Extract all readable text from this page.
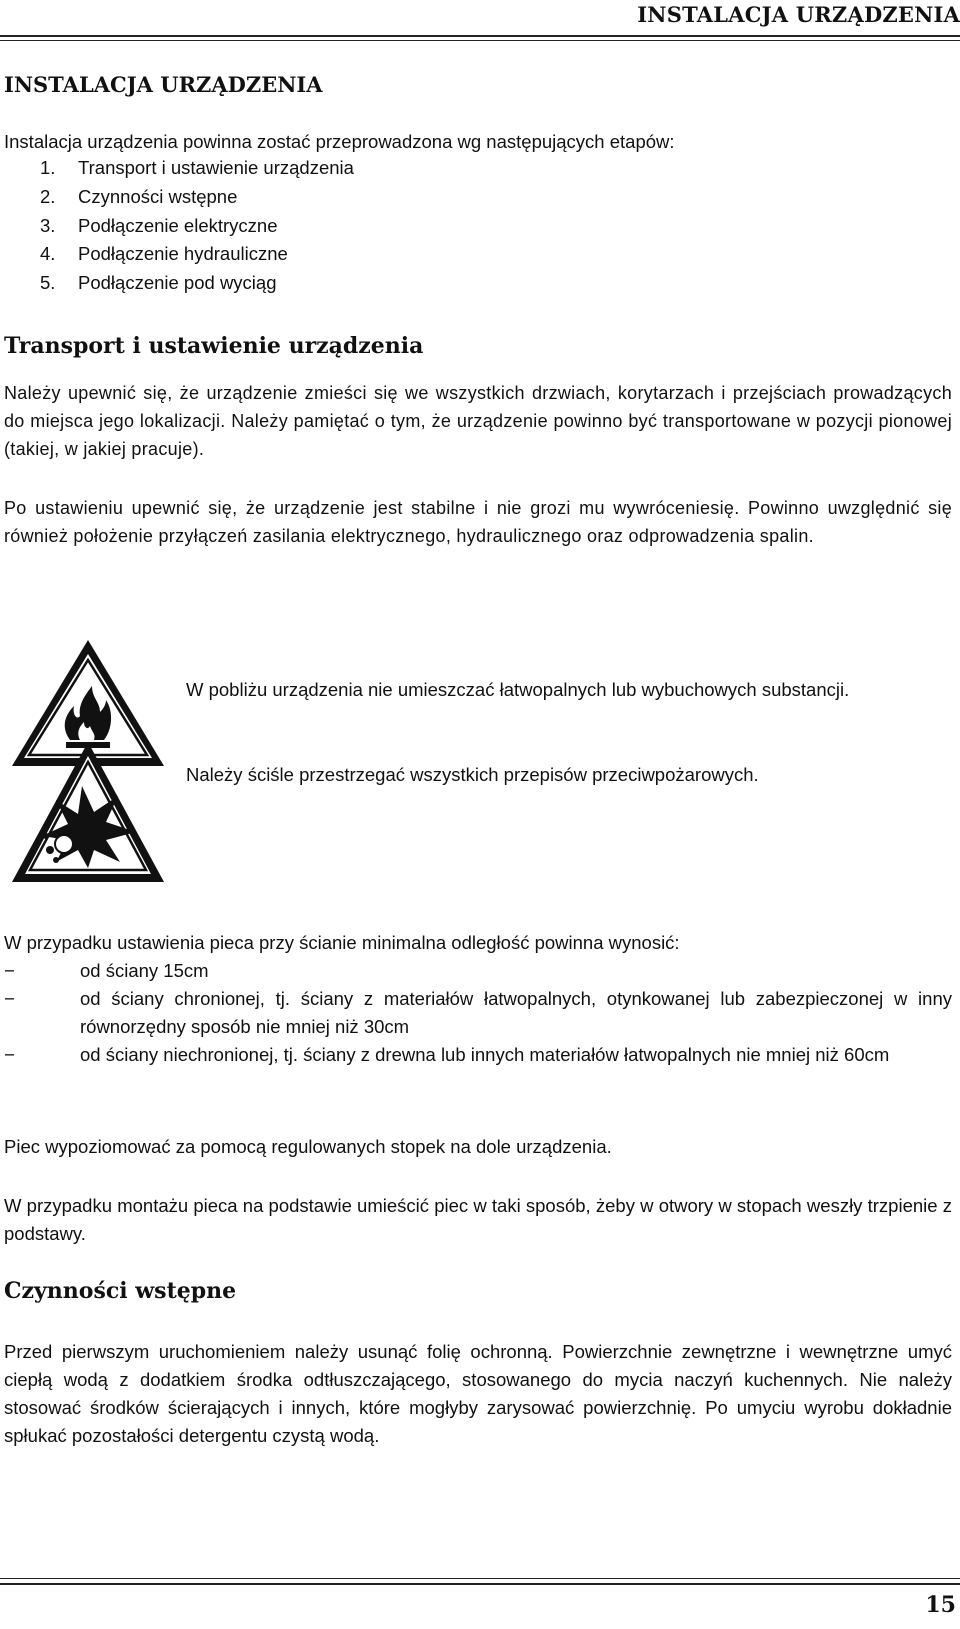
INSTALACJA URZĄDZENIA
INSTALACJA URZĄDZENIA
Instalacja urządzenia powinna zostać przeprowadzona wg następujących etapów:
1. Transport i ustawienie urządzenia
2. Czynności wstępne
3. Podłączenie elektryczne
4. Podłączenie hydrauliczne
5. Podłączenie pod wyciąg
Transport i ustawienie urządzenia
Należy upewnić się, że urządzenie zmieści się we wszystkich drzwiach, korytarzach i przejściach prowadzących do miejsca jego lokalizacji. Należy pamiętać o tym, że urządzenie powinno być transportowane w pozycji pionowej (takiej, w jakiej pracuje).
Po ustawieniu upewnić się, że urządzenie jest stabilne i nie grozi mu wywróceniesię. Powinno uwzględnić się również położenie przyłączeń zasilania elektrycznego, hydraulicznego oraz odprowadzenia spalin.
W pobliżu urządzenia nie umieszczać łatwopalnych lub wybuchowych substancji.
Należy ściśle przestrzegać wszystkich przepisów przeciwpożarowych.
W przypadku ustawienia pieca przy ścianie minimalna odległość powinna wynosić:
−	od ściany 15cm
−	od ściany chronionej, tj. ściany z materiałów łatwopalnych, otynkowanej lub zabezpieczonej w inny równorzędny sposób nie mniej niż 30cm
−	od ściany niechronionej, tj. ściany z drewna lub innych materiałów łatwopalnych nie mniej niż 60cm
Piec wypoziomować za pomocą regulowanych stopek na dole urządzenia.
W przypadku montażu pieca na podstawie umieścić piec w taki sposób, żeby w otwory w stopach weszły trzpienie z podstawy.
Czynności wstępne
Przed pierwszym uruchomieniem należy usunąć folię ochronną. Powierzchnie zewnętrzne i wewnętrzne umyć ciepłą wodą z dodatkiem środka odtłuszczającego, stosowanego do mycia naczyń kuchennych. Nie należy stosować środków ścierających i innych, które mogłyby zarysować powierzchnię. Po umyciu wyrobu dokładnie spłukać pozostałości detergentu czystą wodą.
15
